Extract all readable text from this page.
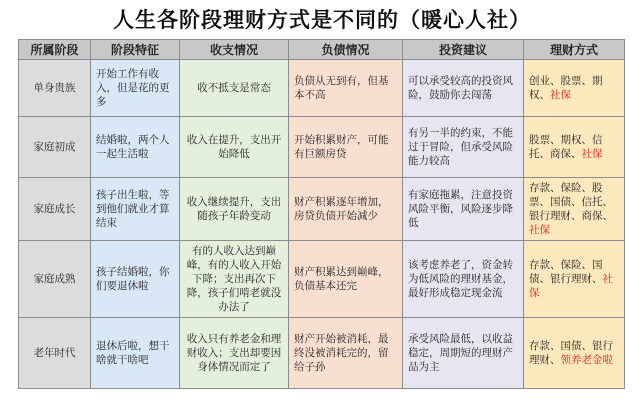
人生各阶段理财方式是不同的（暖心人社）
所属阶段	阶段特征	收支情况	负债情况	投资建议	理财方式
单身贵族	开始工作有收入，但是花的更多	收不抵支是常态	负债从无到有，但基本不高	可以承受较高的投资风险，鼓励你去闯荡	创业、股票、期权、社保
家庭初成	结婚啦，两个人一起生活啦	收入在提升，支出开始降低	开始积累财产，可能有巨额房贷	有另一半的约束，不能过于冒险，但承受风险能力较高	股票、期权、信托、商保、社保
家庭成长	孩子出生啦，等到他们就业才算结束	收入继续提升，支出随孩子年龄变动	财产积累逐年增加，房贷负债开始减少	有家庭拖累，注意投资风险平衡，风险逐步降低	存款、保险、股票、国债、信托、银行理财、商保、社保
家庭成熟	孩子结婚啦，你们要退休啦	有的人收入达到巅峰，有的人收入开始下降；支出再次下降，孩子们啃老就没办法了	财产积累达到巅峰，负债基本还完	该考虑养老了，资金转为低风险的理财基金，最好形成稳定现金流	存款、保险、国债、银行理财、社保
老年时代	退休后啦，想干啥就干啥吧	收入只有养老金和理财收入；支出却要因身体情况而定了	财产开始被消耗，最终没被消耗完的，留给子孙	承受风险最低，以收益稳定，周期短的理财产品为主	存款、国债、银行理财、领养老金啦
